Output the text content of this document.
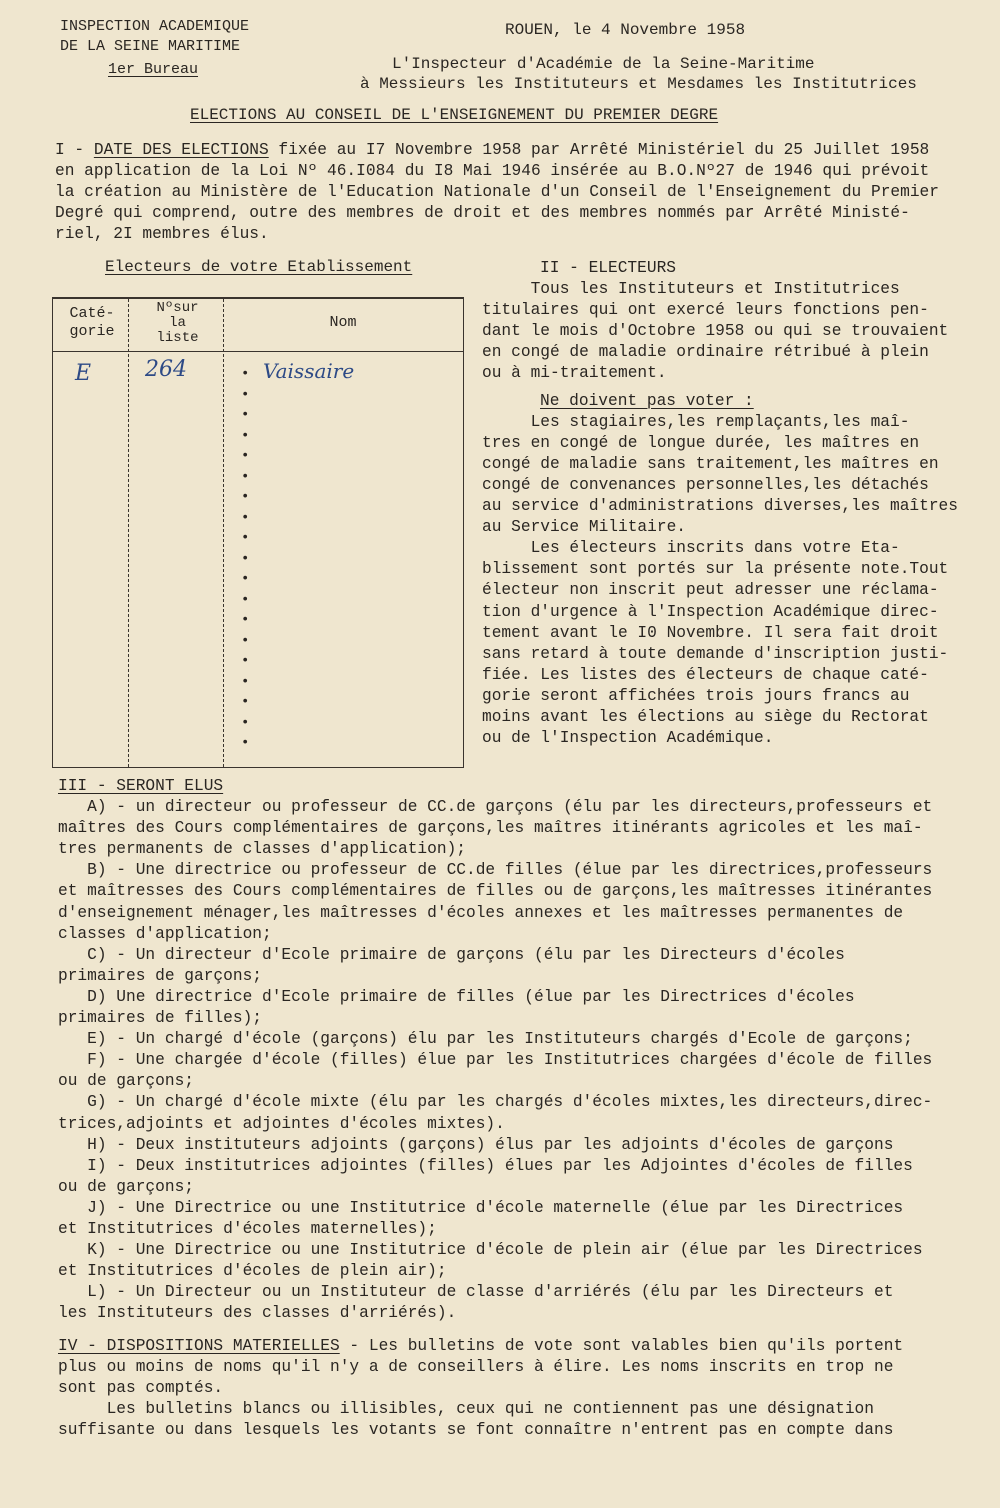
INSPECTION ACADEMIQUE
DE LA SEINE MARITIME
1er Bureau
ROUEN, le 4 Novembre 1958
L'Inspecteur d'Académie de la Seine-Maritime
à Messieurs les Instituteurs et Mesdames les Institutrices
ELECTIONS AU CONSEIL DE L'ENSEIGNEMENT DU PREMIER DEGRE
I - DATE DES ELECTIONS fixée au I7 Novembre 1958 par Arrêté Ministériel du 25 Juillet 1958
en application de la Loi Nº 46.I084 du I8 Mai 1946 insérée au B.O.Nº27 de 1946 qui prévoit
la création au Ministère de l'Education Nationale d'un Conseil de l'Enseignement du Premier
Degré qui comprend, outre des membres de droit et des membres nommés par Arrêté Ministé-
riel, 2I membres élus.
Electeurs de votre Etablissement
Caté-
gorie
Nºsur
la
liste
Nom
E 264	Vaissaire
•
•
•
•
•
•
•
•
•
•
•
•
•
•
•
•
•
•
•
II - ELECTEURS
Tous les Instituteurs et Institutrices
titulaires qui ont exercé leurs fonctions pen-
dant le mois d'Octobre 1958 ou qui se trouvaient
en congé de maladie ordinaire rétribué à plein
ou à mi-traitement.
Ne doivent pas voter :
Les stagiaires,les remplaçants,les maî-
tres en congé de longue durée, les maîtres en
congé de maladie sans traitement,les maîtres en
congé de convenances personnelles,les détachés
au service d'administrations diverses,les maîtres
au Service Militaire.
Les électeurs inscrits dans votre Eta-
blissement sont portés sur la présente note.Tout
électeur non inscrit peut adresser une réclama-
tion d'urgence à l'Inspection Académique direc-
tement avant le I0 Novembre. Il sera fait droit
sans retard à toute demande d'inscription justi-
fiée. Les listes des électeurs de chaque caté-
gorie seront affichées trois jours francs au
moins avant les élections au siège du Rectorat
ou de l'Inspection Académique.
III - SERONT ELUS
A) - un directeur ou professeur de CC.de garçons (élu par les directeurs,professeurs et
maîtres des Cours complémentaires de garçons,les maîtres itinérants agricoles et les maî-
tres permanents de classes d'application);
B) - Une directrice ou professeur de CC.de filles (élue par les directrices,professeurs
et maîtresses des Cours complémentaires de filles ou de garçons,les maîtresses itinérantes
d'enseignement ménager,les maîtresses d'écoles annexes et les maîtresses permanentes de
classes d'application;
C) - Un directeur d'Ecole primaire de garçons (élu par les Directeurs d'écoles
primaires de garçons;
D) Une directrice d'Ecole primaire de filles (élue par les Directrices d'écoles
primaires de filles);
E) - Un chargé d'école (garçons) élu par les Instituteurs chargés d'Ecole de garçons;
F) - Une chargée d'école (filles) élue par les Institutrices chargées d'école de filles
ou de garçons;
G) - Un chargé d'école mixte (élu par les chargés d'écoles mixtes,les directeurs,direc-
trices,adjoints et adjointes d'écoles mixtes).
H) - Deux instituteurs adjoints (garçons) élus par les adjoints d'écoles de garçons
I) - Deux institutrices adjointes (filles) élues par les Adjointes d'écoles de filles
ou de garçons;
J) - Une Directrice ou une Institutrice d'école maternelle (élue par les Directrices
et Institutrices d'écoles maternelles);
K) - Une Directrice ou une Institutrice d'école de plein air (élue par les Directrices
et Institutrices d'écoles de plein air);
L) - Un Directeur ou un Instituteur de classe d'arriérés (élu par les Directeurs et
les Instituteurs des classes d'arriérés).
IV - DISPOSITIONS MATERIELLES - Les bulletins de vote sont valables bien qu'ils portent
plus ou moins de noms qu'il n'y a de conseillers à élire. Les noms inscrits en trop ne
sont pas comptés.
Les bulletins blancs ou illisibles, ceux qui ne contiennent pas une désignation
suffisante ou dans lesquels les votants se font connaître n'entrent pas en compte dans
